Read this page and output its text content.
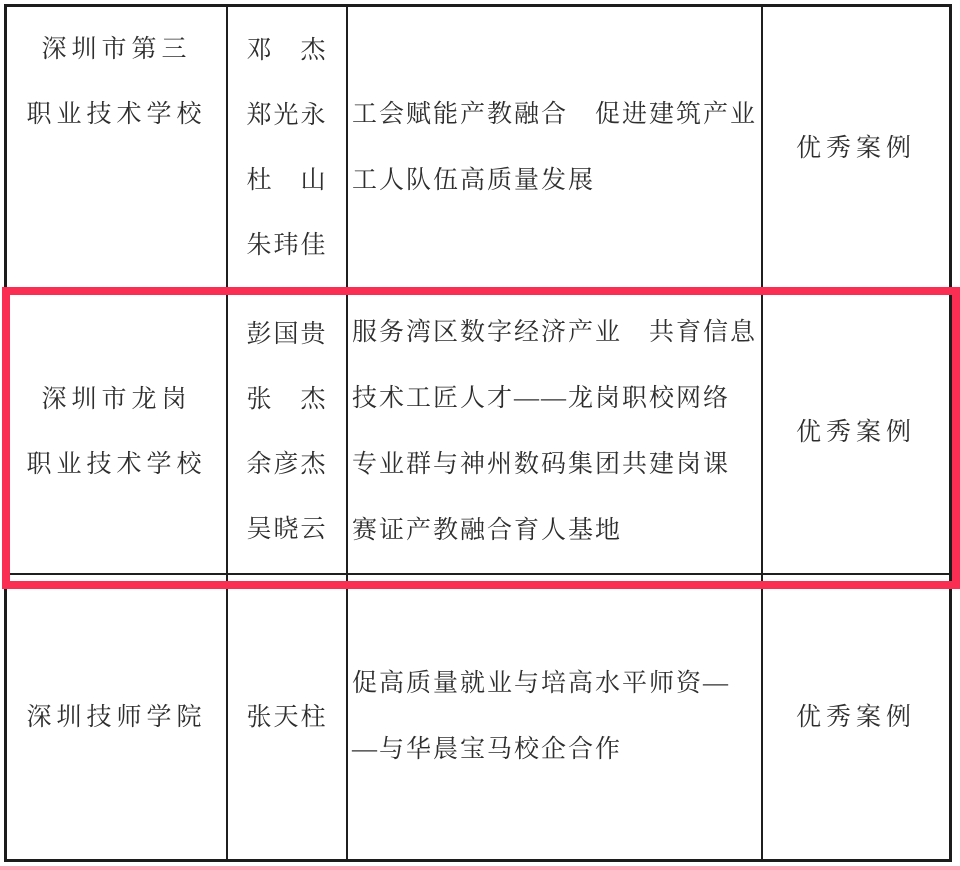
深圳市第三
职业技术学校
邓　杰
郑光永
杜　山
朱玮佳
工会赋能产教融合　促进建筑产业
工人队伍高质量发展
优秀案例
深圳市龙岗
职业技术学校
彭国贵
张　杰
余彦杰
吴晓云
服务湾区数字经济产业　共育信息
技术工匠人才——龙岗职校网络
专业群与神州数码集团共建岗课
赛证产教融合育人基地
优秀案例
深圳技师学院 张天柱
促高质量就业与培高水平师资—
—与华晨宝马校企合作
优秀案例
